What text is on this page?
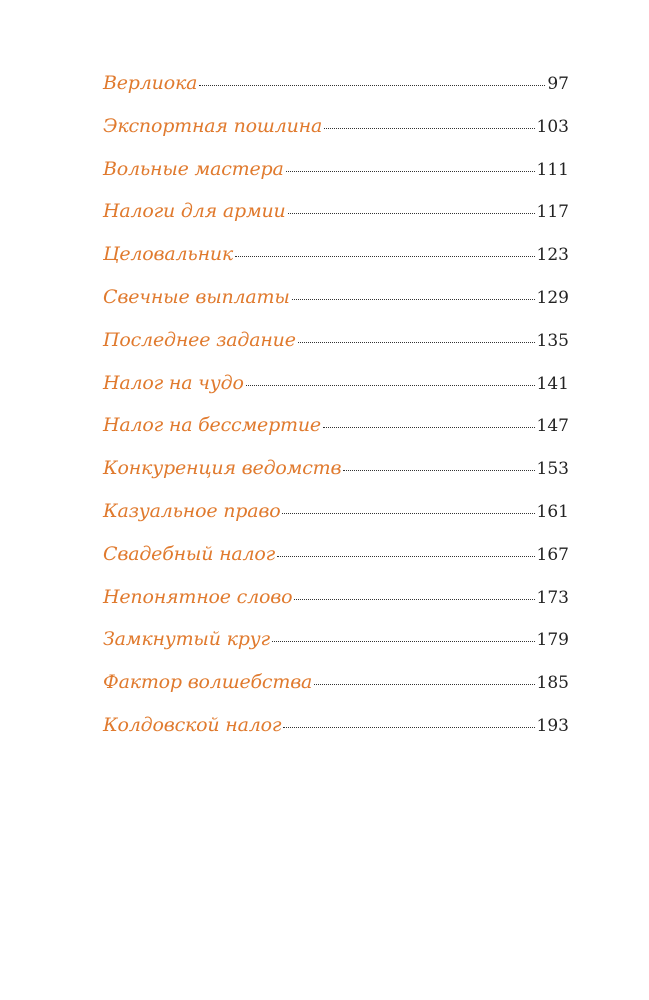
Верлиока	97
Экспортная пошлина	103
Вольные мастера	111
Налоги для армии	117
Целовальник	123
Свечные выплаты	129
Последнее задание	135
Налог на чудо	141
Налог на бессмертие	147
Конкуренция ведомств	153
Казуальное право	161
Свадебный налог	167
Непонятное слово	173
Замкнутый круг	179
Фактор волшебства	185
Колдовской налог	193
